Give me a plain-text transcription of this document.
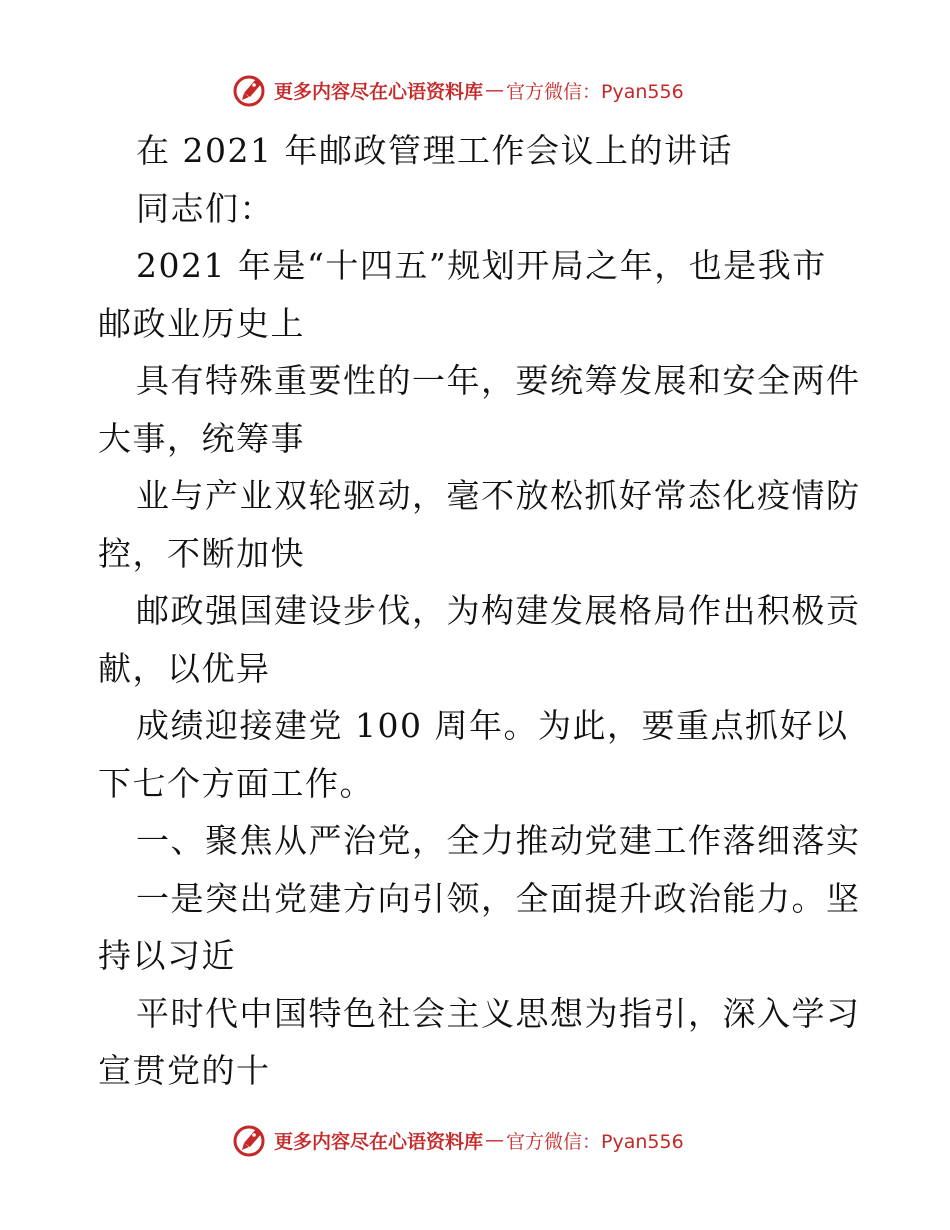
更多内容尽在心语资料库 — 官方微信：Pyan556
在 2021 年邮政管理工作会议上的讲话
同志们：
2021 年是“十四五”规划开局之年，也是我市
邮政业历史上
具有特殊重要性的一年，要统筹发展和安全两件
大事，统筹事
业与产业双轮驱动，毫不放松抓好常态化疫情防
控，不断加快
邮政强国建设步伐，为构建发展格局作出积极贡
献，以优异
成绩迎接建党 100 周年。为此，要重点抓好以
下七个方面工作。
一、聚焦从严治党，全力推动党建工作落细落实
一是突出党建方向引领，全面提升政治能力。坚
持以习近
平时代中国特色社会主义思想为指引，深入学习
宣贯党的十
更多内容尽在心语资料库 — 官方微信：Pyan556
